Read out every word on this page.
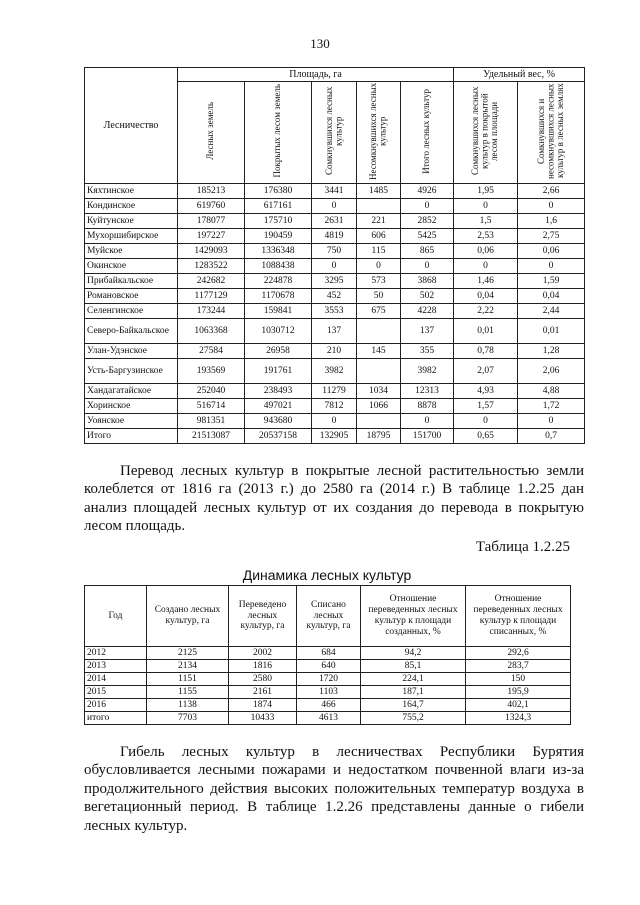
130
Лесничество	Площадь, га					Удельный вес, %	
	Лесных земель	Покрытых лесом земель	Сомкнувшихся лесных культур	Несомкнувшихся лесных культур	Итого лесных культур	Сомкнувшихся лесных культур в покрытой лесом площади	Сомкнувшихся и несомкнувшихся лесных культур в лесных землях
Кяхтинское	185213	176380	3441	1485	4926	1,95	2,66
Кондинское	619760	617161	0		0	0	0
Куйтунское	178077	175710	2631	221	2852	1,5	1,6
Мухоршибирское	197227	190459	4819	606	5425	2,53	2,75
Муйское	1429093	1336348	750	115	865	0,06	0,06
Окинское	1283522	1088438	0	0	0	0	0
Прибайкальское	242682	224878	3295	573	3868	1,46	1,59
Романовское	1177129	1170678	452	50	502	0,04	0,04
Селенгинское	173244	159841	3553	675	4228	2,22	2,44
Северо-Байкальское	1063368	1030712	137		137	0,01	0,01
Улан-Удэнское	27584	26958	210	145	355	0,78	1,28
Усть-Баргузинское	193569	191761	3982		3982	2,07	2,06
Хандагатайское	252040	238493	11279	1034	12313	4,93	4,88
Хоринское	516714	497021	7812	1066	8878	1,57	1,72
Уоянское	981351	943680	0		0	0	0
Итого	21513087	20537158	132905	18795	151700	0,65	0,7

Перевод лесных культур в покрытые лесной растительностью земли колеблется от 1816 га (2013 г.) до 2580 га (2014 г.) В таблице 1.2.25 дан анализ площадей лесных культур от их создания до перевода в покрытую лесом площадь.

Таблица 1.2.25
Динамика лесных культур
Год	Создано лесных культур, га	Переведено лесных культур, га	Списано лесных культур, га	Отношение переведенных лесных культур к площади созданных, %	Отношение переведенных лесных культур к площади списанных, %
2012	2125	2002	684	94,2	292,6
2013	2134	1816	640	85,1	283,7
2014	1151	2580	1720	224,1	150
2015	1155	2161	1103	187,1	195,9
2016	1138	1874	466	164,7	402,1
итого	7703	10433	4613	755,2	1324,3

Гибель лесных культур в лесничествах Республики Бурятия обусловливается лесными пожарами и недостатком почвенной влаги из-за продолжительного действия высоких положительных температур воздуха в вегетационный период. В таблице 1.2.26 представлены данные о гибели лесных культур.
